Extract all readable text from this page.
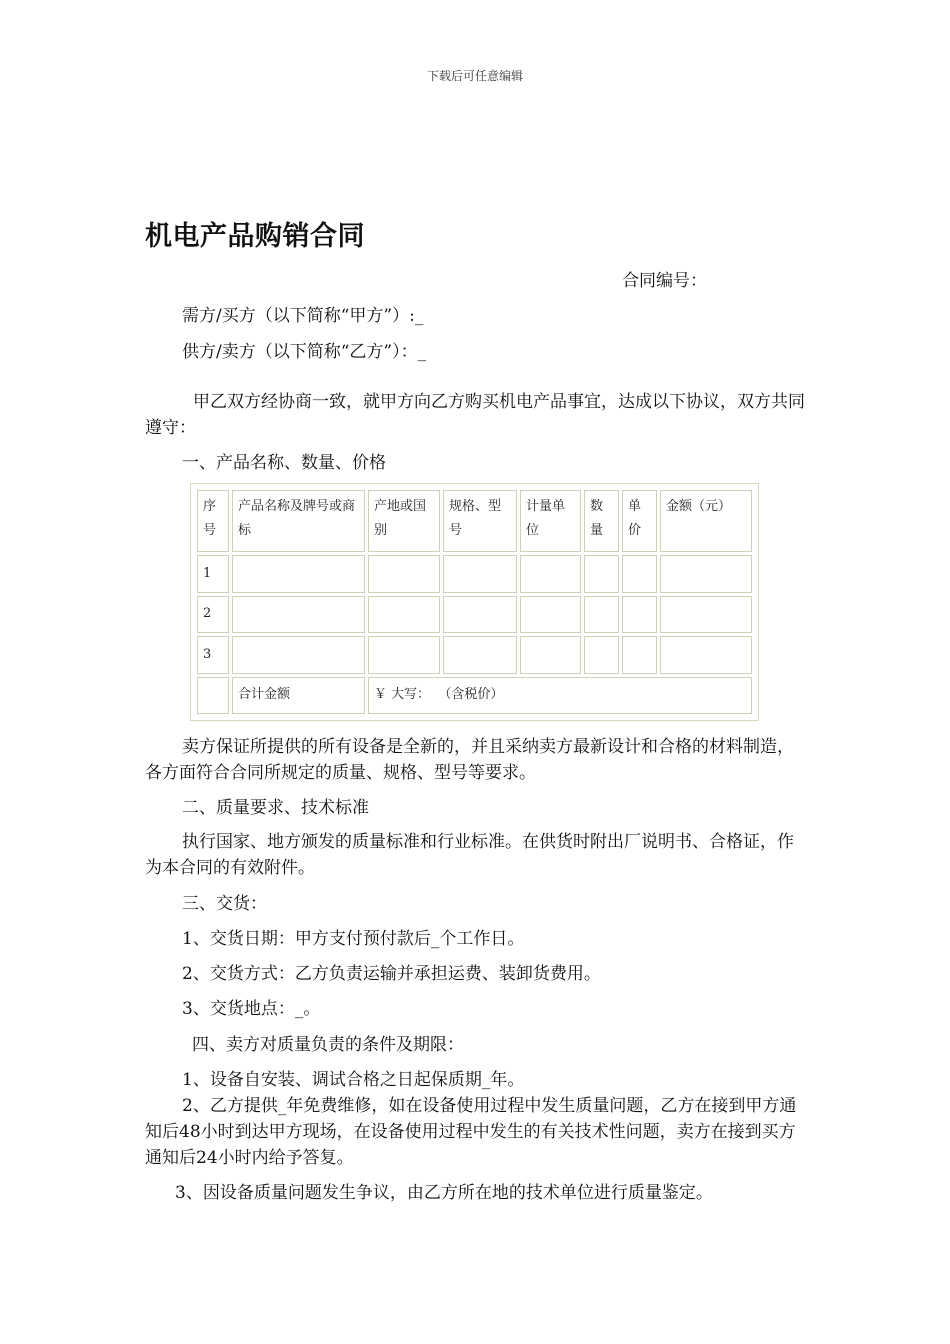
下载后可任意编辑
机电产品购销合同
合同编号：
需方/买方（以下简称“甲方”）:_
供方/卖方（以下简称“乙方”）：_
甲乙双方经协商一致，就甲方向乙方购买机电产品事宜，达成以下协议，双方共同遵守：
一、产品名称、数量、价格
序号	产品名称及牌号或商标	产地或国别	规格、型号	计量单位	数量	单价	金额（元）
1							
2							
3							
	合计金额	￥ 大写：  （含税价）					
卖方保证所提供的所有设备是全新的，并且采纳卖方最新设计和合格的材料制造，各方面符合合同所规定的质量、规格、型号等要求。
二、质量要求、技术标准
执行国家、地方颁发的质量标准和行业标准。在供货时附出厂说明书、合格证，作为本合同的有效附件。
三、交货：
1、交货日期：甲方支付预付款后_个工作日。
2、交货方式：乙方负责运输并承担运费、装卸货费用。
3、交货地点：_。
四、卖方对质量负责的条件及期限：
1、设备自安装、调试合格之日起保质期_年。
2、乙方提供_年免费维修，如在设备使用过程中发生质量问题，乙方在接到甲方通知后48小时到达甲方现场，在设备使用过程中发生的有关技术性问题，卖方在接到买方通知后24小时内给予答复。
3、因设备质量问题发生争议，由乙方所在地的技术单位进行质量鉴定。
